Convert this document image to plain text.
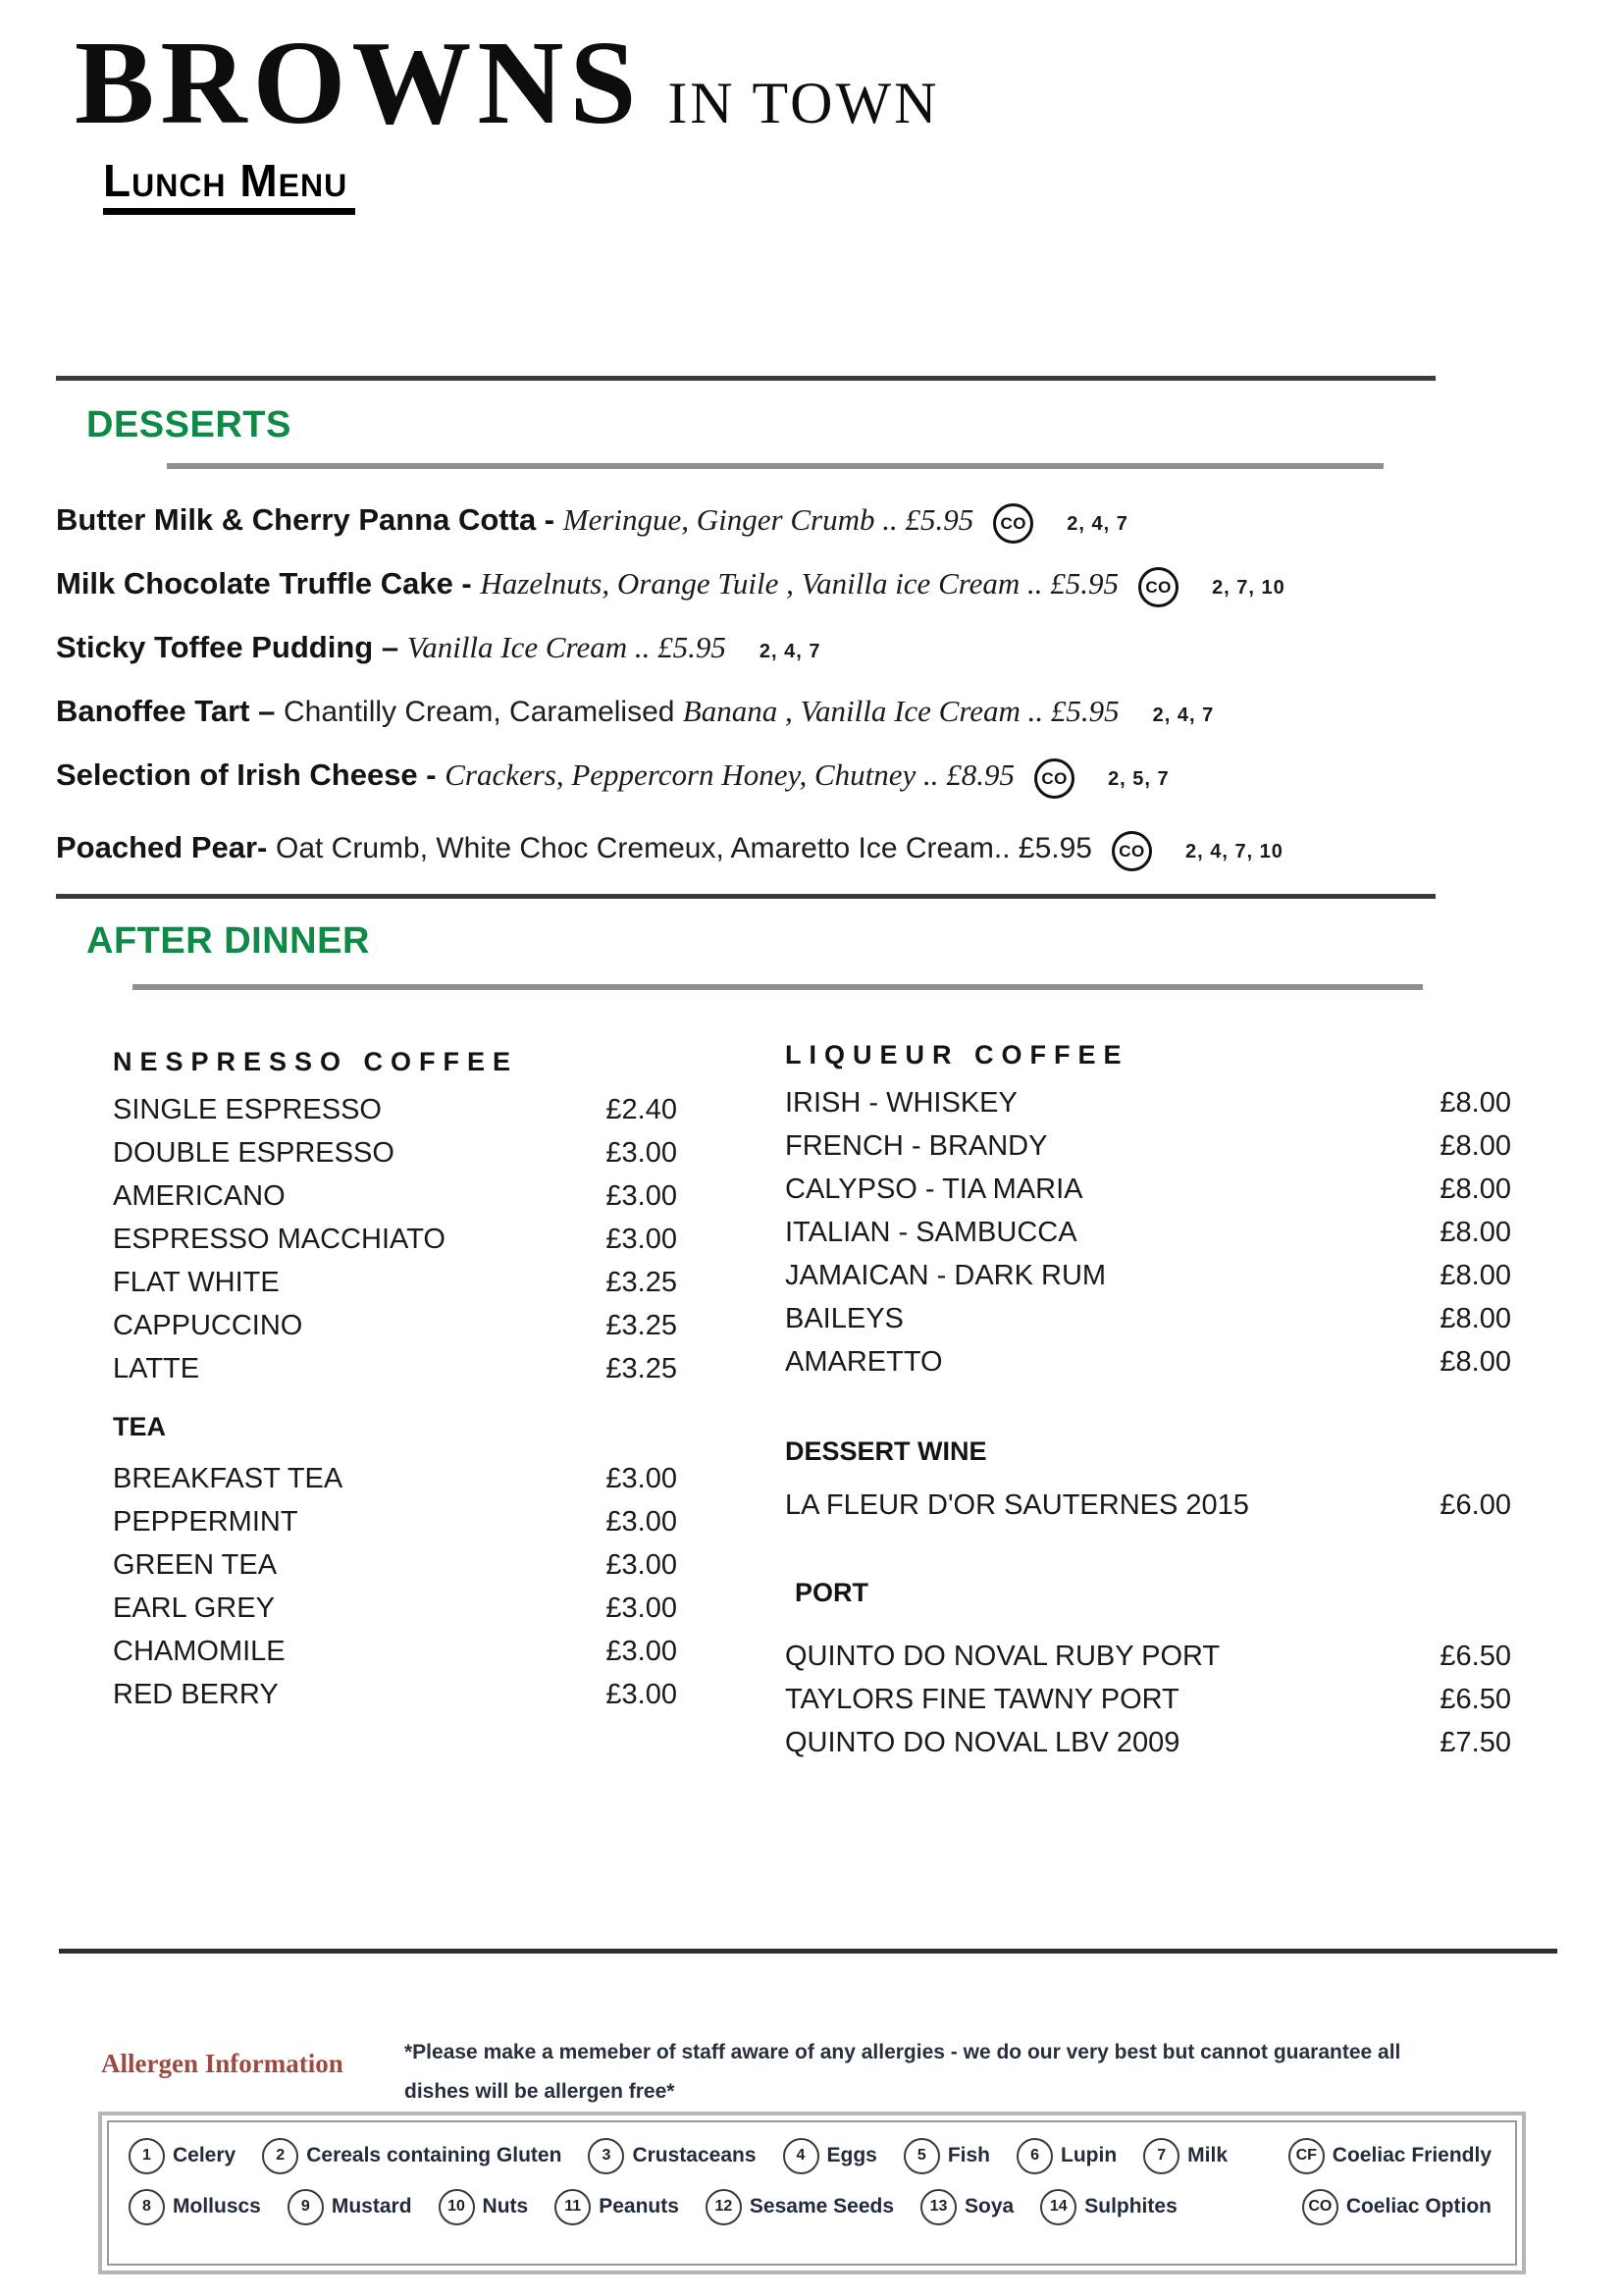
BROWNS IN TOWN
Lunch Menu
DESSERTS
Butter Milk & Cherry Panna Cotta - Meringue, Ginger Crumb .. £5.95 CO 2, 4, 7
Milk Chocolate Truffle Cake - Hazelnuts, Orange Tuile , Vanilla ice Cream .. £5.95 CO 2, 7, 10
Sticky Toffee Pudding – Vanilla Ice Cream .. £5.95 2, 4, 7
Banoffee Tart – Chantilly Cream, Caramelised Banana , Vanilla Ice Cream .. £5.95 2, 4, 7
Selection of Irish Cheese - Crackers, Peppercorn Honey, Chutney .. £8.95 CO 2, 5, 7
Poached Pear- Oat Crumb, White Choc Cremeux, Amaretto Ice Cream.. £5.95 CO 2, 4, 7, 10
AFTER DINNER
NESPRESSO COFFEE
SINGLE ESPRESSO	£2.40
DOUBLE ESPRESSO	£3.00
AMERICANO	£3.00
ESPRESSO MACCHIATO	£3.00
FLAT WHITE	£3.25
CAPPUCCINO	£3.25
LATTE	£3.25
TEA
BREAKFAST TEA	£3.00
PEPPERMINT	£3.00
GREEN TEA	£3.00
EARL GREY	£3.00
CHAMOMILE	£3.00
RED BERRY	£3.00
LIQUEUR COFFEE
IRISH - WHISKEY	£8.00
FRENCH - BRANDY	£8.00
CALYPSO - TIA MARIA	£8.00
ITALIAN - SAMBUCCA	£8.00
JAMAICAN - DARK RUM	£8.00
BAILEYS	£8.00
AMARETTO	£8.00
DESSERT WINE
LA FLEUR D'OR SAUTERNES 2015	£6.00
PORT
QUINTO DO NOVAL RUBY PORT	£6.50
TAYLORS FINE TAWNY PORT	£6.50
QUINTO DO NOVAL LBV 2009	£7.50
Allergen Information	*Please make a memeber of staff aware of any allergies - we do our very best but cannot guarantee all
dishes will be allergen free*
1	Celery	2	Cereals containing Gluten	3	Crustaceans	4	Eggs	5	Fish	6	Lupin	7	Milk	CF Coeliac Friendly
8	Molluscs	9	Mustard	10 Nuts	11 Peanuts	12 Sesame Seeds	13 Soya	14 Sulphites	CO Coeliac Option
